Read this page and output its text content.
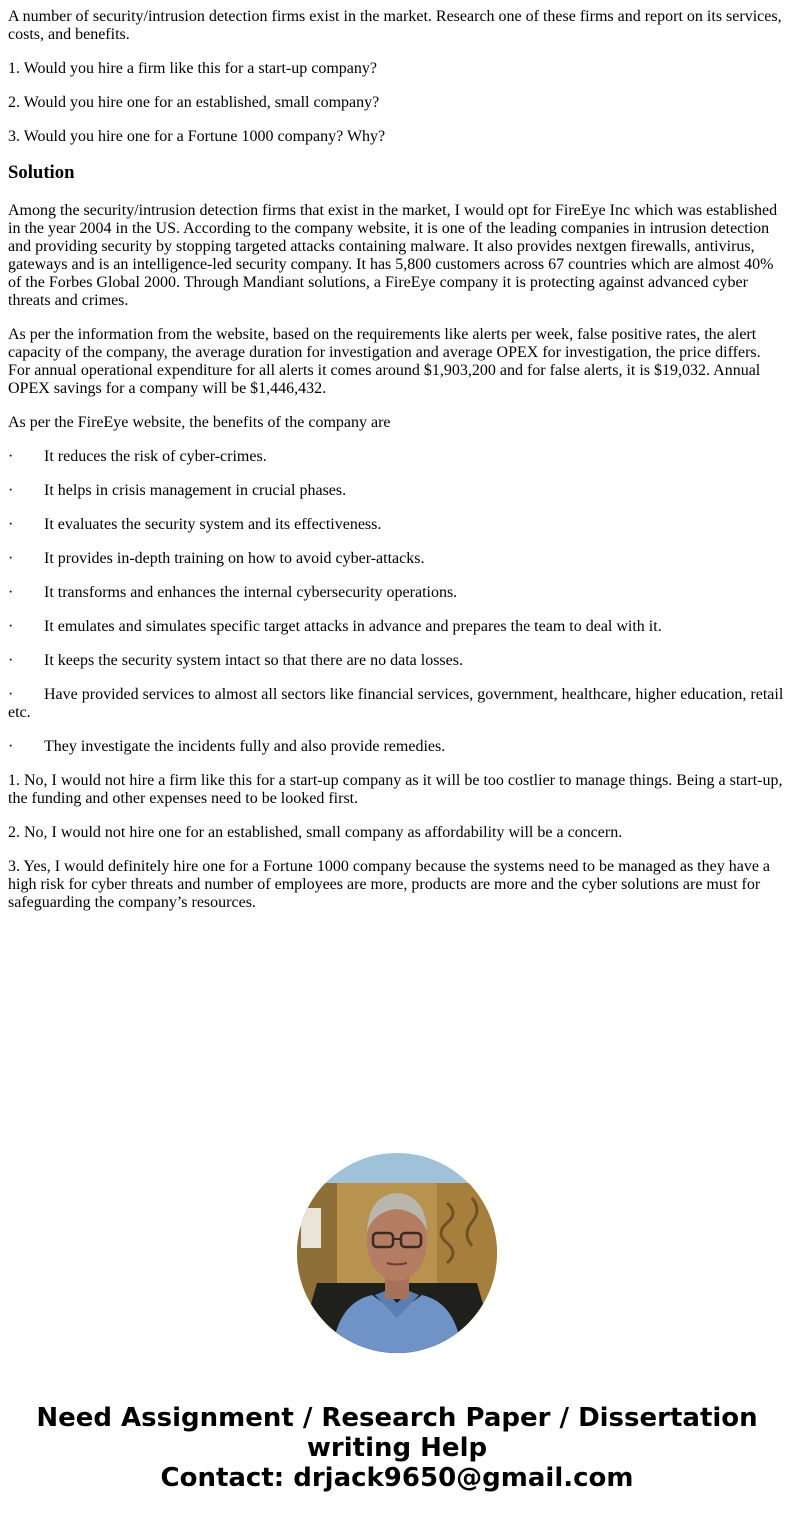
A number of security/intrusion detection firms exist in the market. Research one of these firms and report on its services, costs, and benefits.

1. Would you hire a firm like this for a start-up company?

2. Would you hire one for an established, small company?

3. Would you hire one for a Fortune 1000 company? Why?

Solution

Among the security/intrusion detection firms that exist in the market, I would opt for FireEye Inc which was established in the year 2004 in the US. According to the company website, it is one of the leading companies in intrusion detection and providing security by stopping targeted attacks containing malware. It also provides nextgen firewalls, antivirus, gateways and is an intelligence-led security company. It has 5,800 customers across 67 countries which are almost 40% of the Forbes Global 2000. Through Mandiant solutions, a FireEye company it is protecting against advanced cyber threats and crimes.

As per the information from the website, based on the requirements like alerts per week, false positive rates, the alert capacity of the company, the average duration for investigation and average OPEX for investigation, the price differs. For annual operational expenditure for all alerts it comes around $1,903,200 and for false alerts, it is $19,032. Annual OPEX savings for a company will be $1,446,432.

As per the FireEye website, the benefits of the company are

· It reduces the risk of cyber-crimes.

· It helps in crisis management in crucial phases.

· It evaluates the security system and its effectiveness.

· It provides in-depth training on how to avoid cyber-attacks.

· It transforms and enhances the internal cybersecurity operations.

· It emulates and simulates specific target attacks in advance and prepares the team to deal with it.

· It keeps the security system intact so that there are no data losses.

· Have provided services to almost all sectors like financial services, government, healthcare, higher education, retail etc.

· They investigate the incidents fully and also provide remedies.

1. No, I would not hire a firm like this for a start-up company as it will be too costlier to manage things. Being a start-up, the funding and other expenses need to be looked first.

2. No, I would not hire one for an established, small company as affordability will be a concern.

3. Yes, I would definitely hire one for a Fortune 1000 company because the systems need to be managed as they have a high risk for cyber threats and number of employees are more, products are more and the cyber solutions are must for safeguarding the company’s resources.

Need Assignment / Research Paper / Dissertation
writing Help
Contact: drjack9650@gmail.com
